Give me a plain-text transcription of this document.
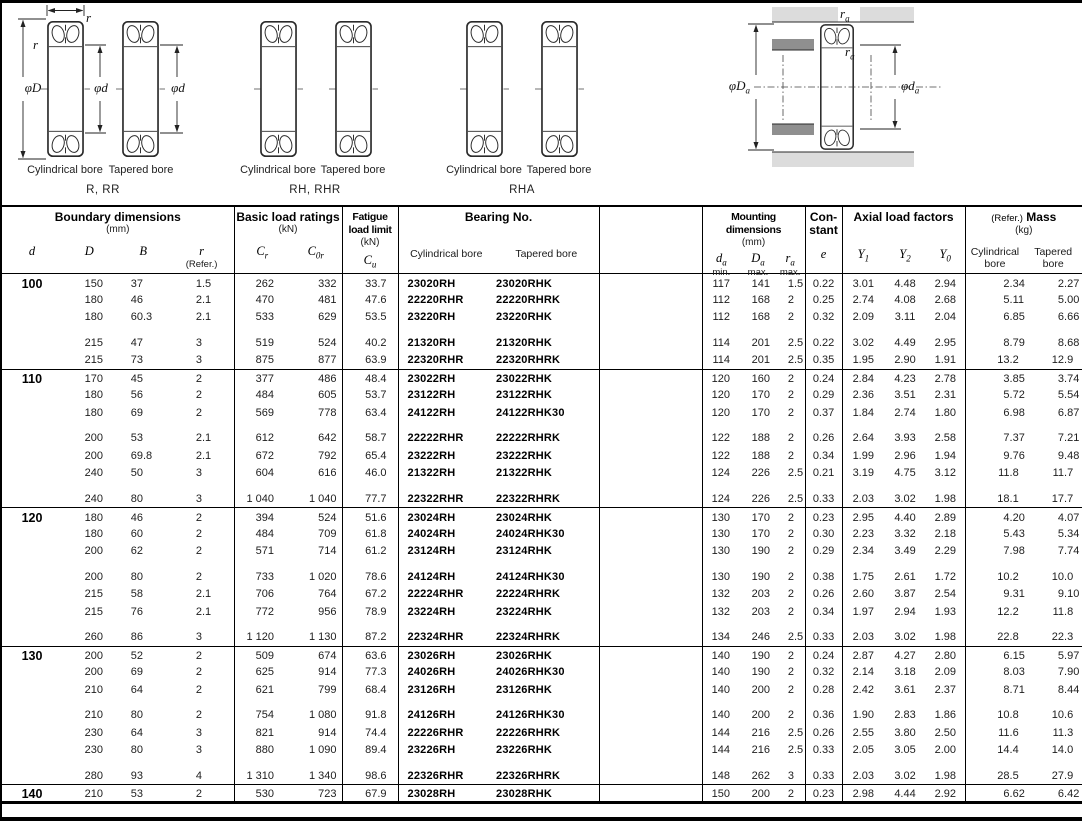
φD	φd	φd
r
r
$r_a$
$r_a$
$\varphi D_a$	$\varphi d_a$
Cylindrical bore Tapered bore	Cylindrical bore Tapered bore	Cylindrical bore Tapered bore
R, RR	RH, RHR	RHA
Boundary dimensions
(mm)
d	D	B	r
(Refer.)

Basic load ratings
(kN)
$C_r$	$C_{0r}$

Fatigue
load limit
(kN)
$C_u$

Bearing No.
Cylindrical bore	Tapered bore

Mounting dimensions
(mm)
$d_a$
min.
$D_a$
max.
$r_a$
max.

Con-
stant
e

Axial load factors
$Y_1$	$Y_2$	$Y_0$

(Refer.) Mass
(kg)
Cylindrical
bore
Tapered
bore

100	150	37	1 .5	262	332	33.7	23020RH	23020RHK		117	141	1 .5	0.22	3.01	4.48	2.94	2 .34	2 .27

	180	46	2 .1	470	481	47.6	22220RHR	22220RHRK		112	168	2	0.25	2.74	4.08	2.68	5 .11	5 .00

	180	60 .3	2 .1	533	629	53.5	23220RH	23220RHK		112	168	2	0.32	2.09	3.11	2.04	6 .85	6 .66

	215	47	3	519	524	40.2	21320RH	21320RHK		114	201	2 .5	0.22	3.02	4.49	2.95	8 .79	8 .68

	215	73	3	875	877	63.9	22320RHR	22320RHRK		114	201	2 .5	0.35	1.95	2.90	1.91	13 .2	12 .9

110	170	45	2	377	486	48.4	23022RH	23022RHK		120	160	2	0.24	2.84	4.23	2.78	3 .85	3 .74

	180	56	2	484	605	53.7	23122RH	23122RHK		120	170	2	0.29	2.36	3.51	2.31	5 .72	5 .54

	180	69	2	569	778	63.4	24122RH	24122RHK30		120	170	2	0.37	1.84	2.74	1.80	6 .98	6 .87

	200	53	2 .1	612	642	58.7	22222RHR	22222RHRK		122	188	2	0.26	2.64	3.93	2.58	7 .37	7 .21

	200	69 .8	2 .1	672	792	65.4	23222RH	23222RHK		122	188	2	0.34	1.99	2.96	1.94	9 .76	9 .48

	240	50	3	604	616	46.0	21322RH	21322RHK		124	226	2 .5	0.21	3.19	4.75	3.12	11 .8	11 .7

	240	80	3	1 040	1 040	77.7	22322RHR	22322RHRK		124	226	2 .5	0.33	2.03	3.02	1.98	18 .1	17 .7

120	180	46	2	394	524	51.6	23024RH	23024RHK		130	170	2	0.23	2.95	4.40	2.89	4 .20	4 .07

	180	60	2	484	709	61.8	24024RH	24024RHK30		130	170	2	0.30	2.23	3.32	2.18	5 .43	5 .34

	200	62	2	571	714	61.2	23124RH	23124RHK		130	190	2	0.29	2.34	3.49	2.29	7 .98	7 .74

	200	80	2	733	1 020	78.6	24124RH	24124RHK30		130	190	2	0.38	1.75	2.61	1.72	10 .2	10 .0

	215	58	2 .1	706	764	67.2	22224RHR	22224RHRK		132	203	2	0.26	2.60	3.87	2.54	9 .31	9 .10

	215	76	2 .1	772	956	78.9	23224RH	23224RHK		132	203	2	0.34	1.97	2.94	1.93	12 .2	11 .8

	260	86	3	1 120	1 130	87.2	22324RHR	22324RHRK		134	246	2 .5	0.33	2.03	3.02	1.98	22 .8	22 .3

130	200	52	2	509	674	63.6	23026RH	23026RHK		140	190	2	0.24	2.87	4.27	2.80	6 .15	5 .97

	200	69	2	625	914	77.3	24026RH	24026RHK30		140	190	2	0.32	2.14	3.18	2.09	8 .03	7 .90

	210	64	2	621	799	68.4	23126RH	23126RHK		140	200	2	0.28	2.42	3.61	2.37	8 .71	8 .44

	210	80	2	754	1 080	91.8	24126RH	24126RHK30		140	200	2	0.36	1.90	2.83	1.86	10 .8	10 .6

	230	64	3	821	914	74.4	22226RHR	22226RHRK		144	216	2 .5	0.26	2.55	3.80	2.50	11 .6	11 .3

	230	80	3	880	1 090	89.4	23226RH	23226RHK		144	216	2 .5	0.33	2.05	3.05	2.00	14 .4	14 .0

	280	93	4	1 310	1 340	98.6	22326RHR	22326RHRK		148	262	3	0.33	2.03	3.02	1.98	28 .5	27 .9

140	210	53	2	530	723	67.9	23028RH	23028RHK		150	200	2	0.23	2.98	4.44	2.92	6 .62	6 .42
